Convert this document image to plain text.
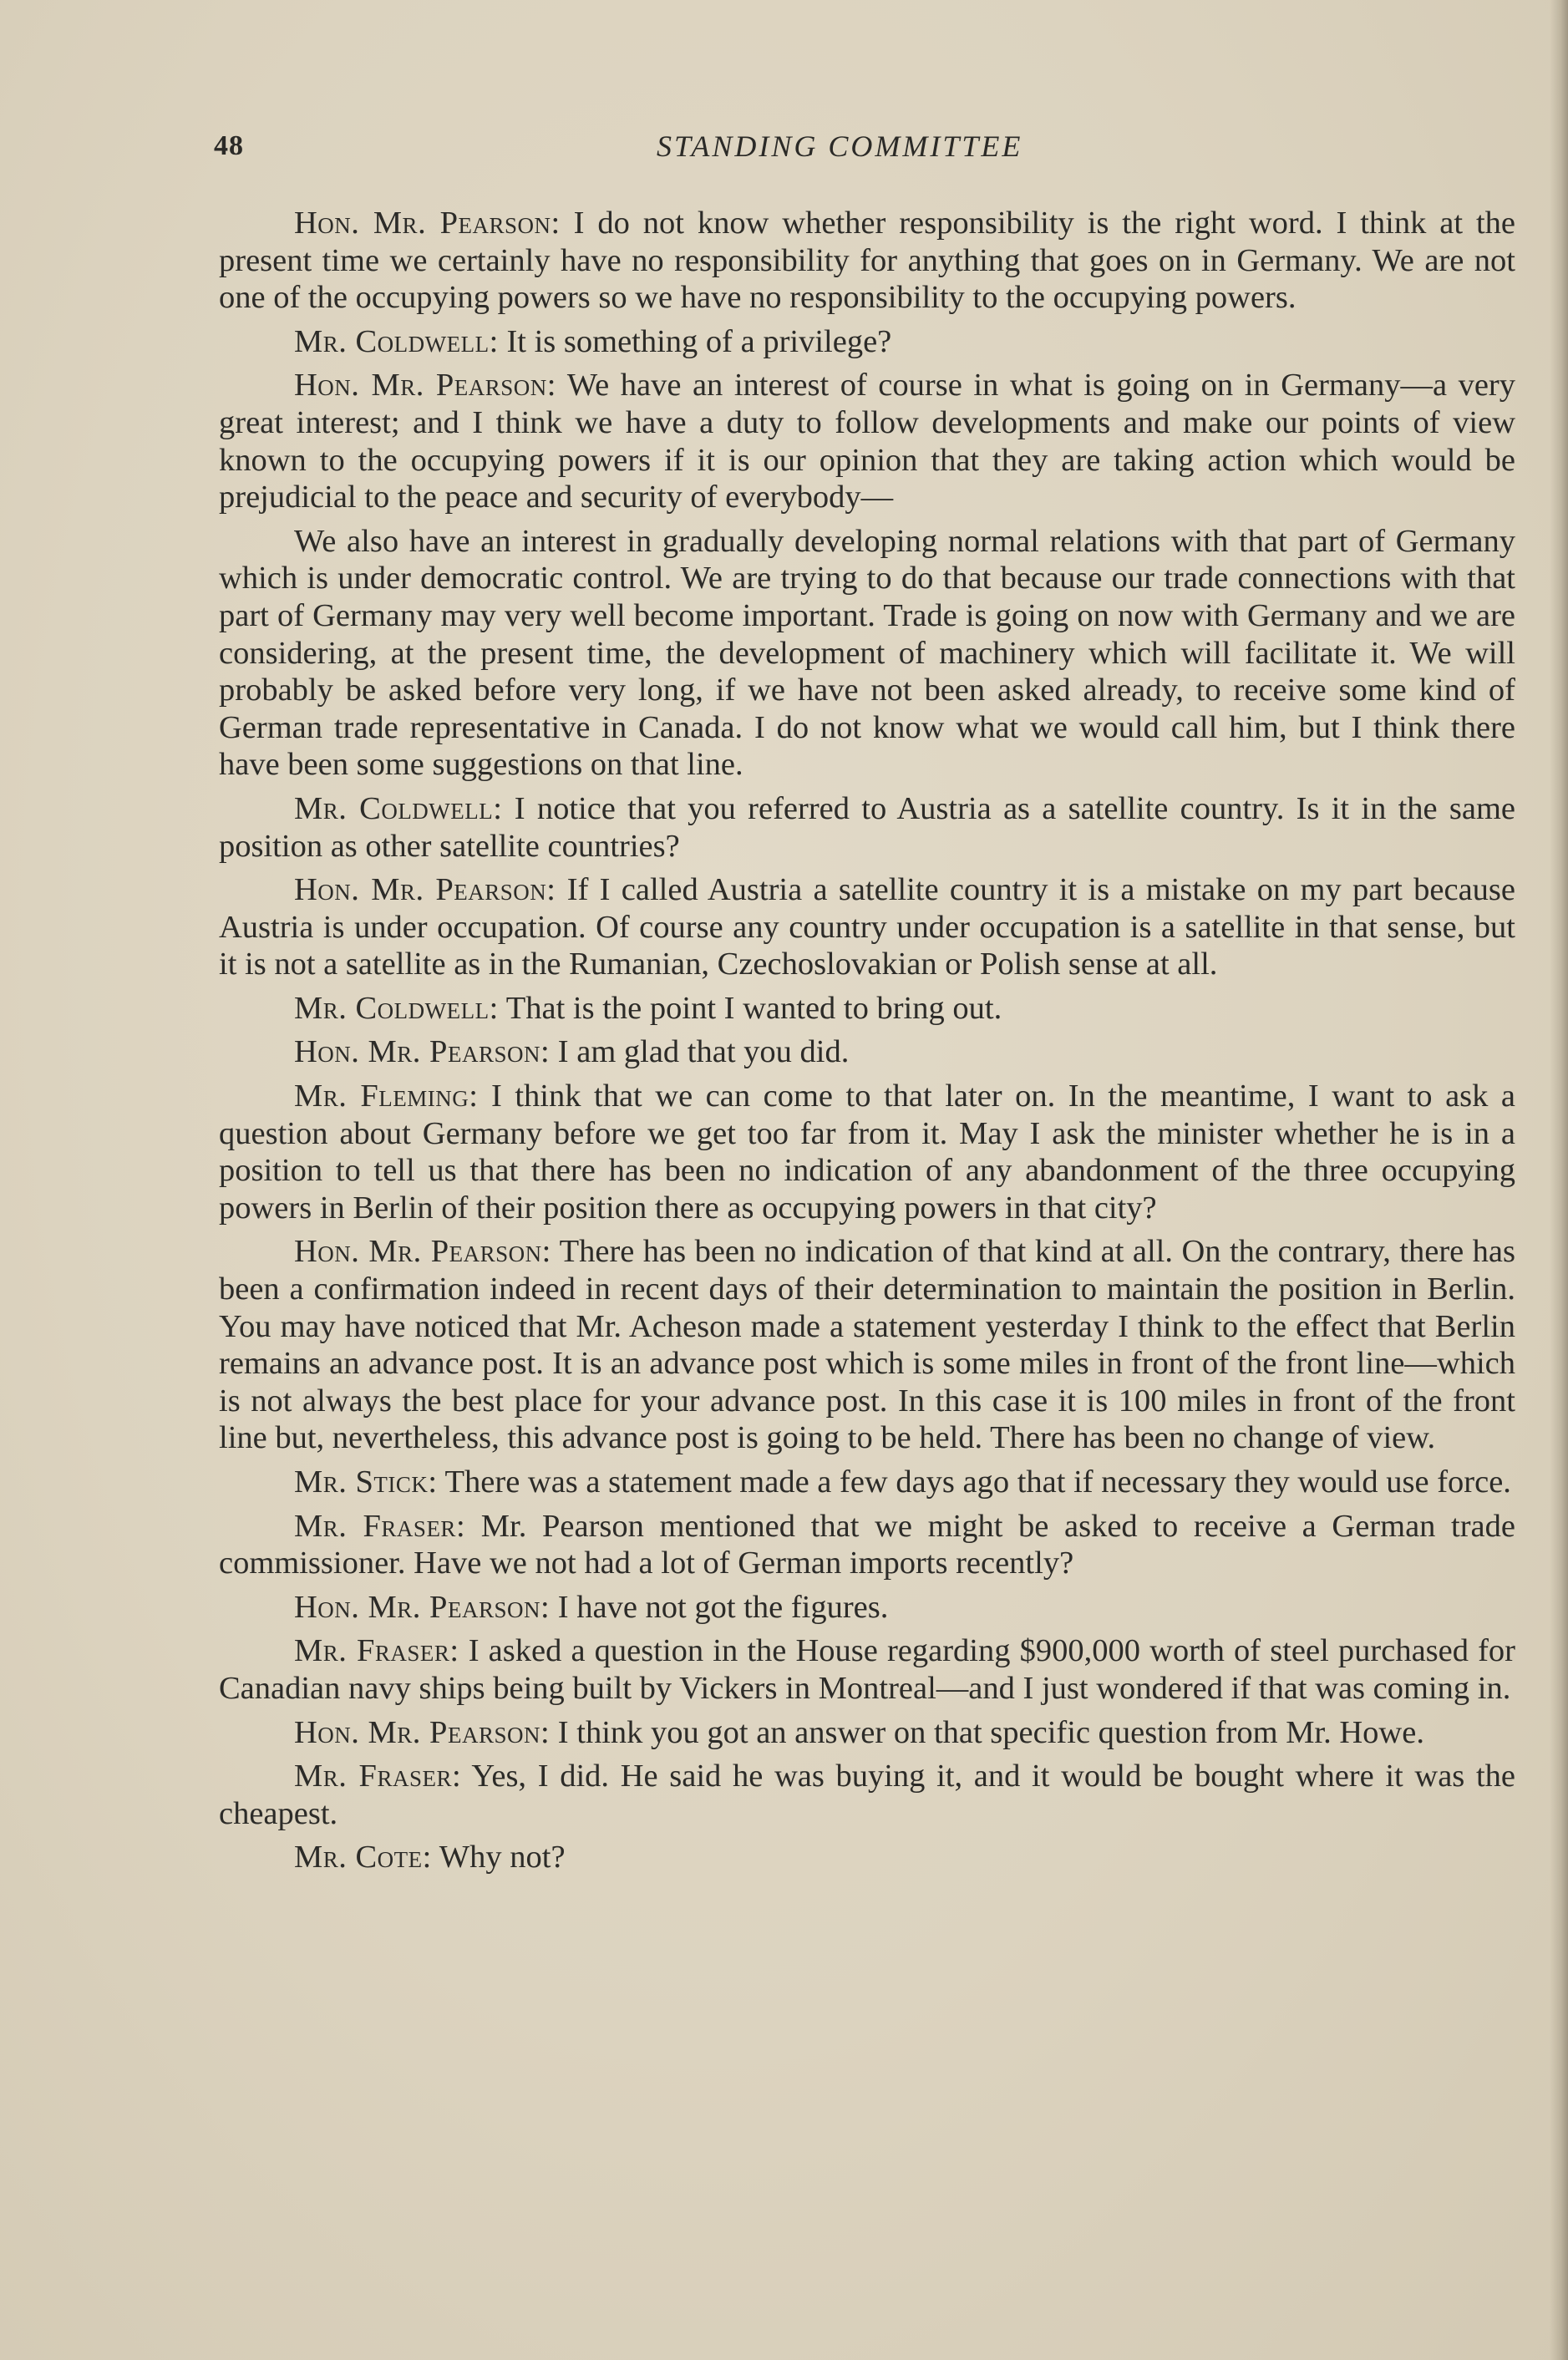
48	STANDING COMMITTEE

Hon. Mr. Pearson: I do not know whether responsibility is the right word. I think at the present time we certainly have no responsibility for anything that goes on in Germany. We are not one of the occupying powers so we have no responsibility to the occupying powers.

Mr. Coldwell: It is something of a privilege?

Hon. Mr. Pearson: We have an interest of course in what is going on in Germany—a very great interest; and I think we have a duty to follow developments and make our points of view known to the occupying powers if it is our opinion that they are taking action which would be prejudicial to the peace and security of everybody—

We also have an interest in gradually developing normal relations with that part of Germany which is under democratic control. We are trying to do that because our trade connections with that part of Germany may very well become important. Trade is going on now with Germany and we are considering, at the present time, the development of machinery which will facilitate it. We will probably be asked before very long, if we have not been asked already, to receive some kind of German trade representative in Canada. I do not know what we would call him, but I think there have been some suggestions on that line.

Mr. Coldwell: I notice that you referred to Austria as a satellite country. Is it in the same position as other satellite countries?

Hon. Mr. Pearson: If I called Austria a satellite country it is a mistake on my part because Austria is under occupation. Of course any country under occupation is a satellite in that sense, but it is not a satellite as in the Rumanian, Czechoslovakian or Polish sense at all.

Mr. Coldwell: That is the point I wanted to bring out.

Hon. Mr. Pearson: I am glad that you did.

Mr. Fleming: I think that we can come to that later on. In the meantime, I want to ask a question about Germany before we get too far from it. May I ask the minister whether he is in a position to tell us that there has been no indication of any abandonment of the three occupying powers in Berlin of their position there as occupying powers in that city?

Hon. Mr. Pearson: There has been no indication of that kind at all. On the contrary, there has been a confirmation indeed in recent days of their determination to maintain the position in Berlin. You may have noticed that Mr. Acheson made a statement yesterday I think to the effect that Berlin remains an advance post. It is an advance post which is some miles in front of the front line—which is not always the best place for your advance post. In this case it is 100 miles in front of the front line but, nevertheless, this advance post is going to be held. There has been no change of view.

Mr. Stick: There was a statement made a few days ago that if necessary they would use force.

Mr. Fraser: Mr. Pearson mentioned that we might be asked to receive a German trade commissioner. Have we not had a lot of German imports recently?

Hon. Mr. Pearson: I have not got the figures.

Mr. Fraser: I asked a question in the House regarding $900,000 worth of steel purchased for Canadian navy ships being built by Vickers in Montreal—and I just wondered if that was coming in.

Hon. Mr. Pearson: I think you got an answer on that specific question from Mr. Howe.

Mr. Fraser: Yes, I did. He said he was buying it, and it would be bought where it was the cheapest.

Mr. Cote: Why not?
